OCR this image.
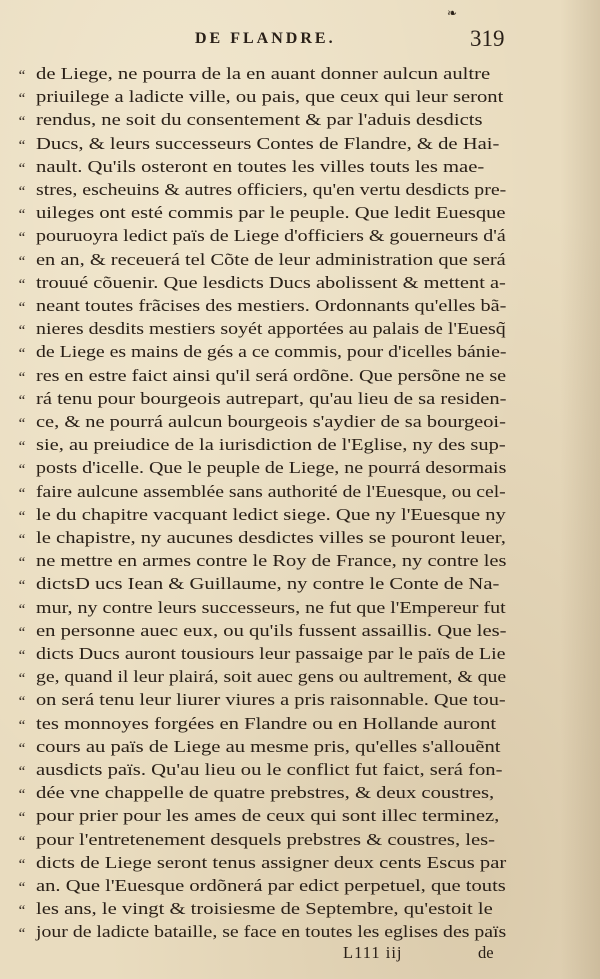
❧
DE FLANDRE.	319
“
“
“
“
“
“
“
“
“
“
“
“
“
“
“
“
“
“
“
“
“
“
“
“
“
“
“
“
“
“
“
“
“
“
“
“
“
“
de Liege, ne pourra de la en auant donner aulcun aultre
priuilege a ladicte ville, ou pais, que ceux qui leur seront
rendus, ne soit du consentement & par l'aduis desdicts
Ducs, & leurs successeurs Contes de Flandre, & de Hai-
nault. Qu'ils osteront en toutes les villes touts les mae-
stres, escheuins & autres officiers, qu'en vertu desdicts pre-
uileges ont esté commis par le peuple. Que ledit Euesque
pouruoyra ledict païs de Liege d'officiers & gouerneurs d'á
en an, & receuerá tel Cõte de leur administration que será
trouué cõuenir. Que lesdicts Ducs abolissent & mettent a-
neant toutes frãcises des mestiers. Ordonnants qu'elles bã-
nieres desdits mestiers soyét apportées au palais de l'Euesq̃
de Liege es mains de gés a ce commis, pour d'icelles bánie-
res en estre faict ainsi qu'il será ordõne. Que persõne ne se
rá tenu pour bourgeois autrepart, qu'au lieu de sa residen-
ce, & ne pourrá aulcun bourgeois s'aydier de sa bourgeoi-
sie, au preiudice de la iurisdiction de l'Eglise, ny des sup-
posts d'icelle. Que le peuple de Liege, ne pourrá desormais
faire aulcune assemblée sans authorité de l'Euesque, ou cel-
le du chapitre vacquant ledict siege. Que ny l'Euesque ny
le chapistre, ny aucunes desdictes villes se pouront leuer,
ne mettre en armes contre le Roy de France, ny contre les
dictsD ucs Iean & Guillaume, ny contre le Conte de Na-
mur, ny contre leurs successeurs, ne fut que l'Empereur fut
en personne auec eux, ou qu'ils fussent assaillis. Que les-
dicts Ducs auront tousiours leur passaige par le païs de Lie
ge, quand il leur plairá, soit auec gens ou aultrement, & que
on será tenu leur liurer viures a pris raisonnable. Que tou-
tes monnoyes forgées en Flandre ou en Hollande auront
cours au païs de Liege au mesme pris, qu'elles s'allouẽnt
ausdicts païs. Qu'au lieu ou le conflict fut faict, será fon-
dée vne chappelle de quatre prebstres, & deux coustres,
pour prier pour les ames de ceux qui sont illec terminez,
pour l'entretenement desquels prebstres & coustres, les-
dicts de Liege seront tenus assigner deux cents Escus par
an. Que l'Euesque ordõnerá par edict perpetuel, que touts
les ans, le vingt & troisiesme de Septembre, qu'estoit le
jour de ladicte bataille, se face en toutes les eglises des païs
L111 iij	de
